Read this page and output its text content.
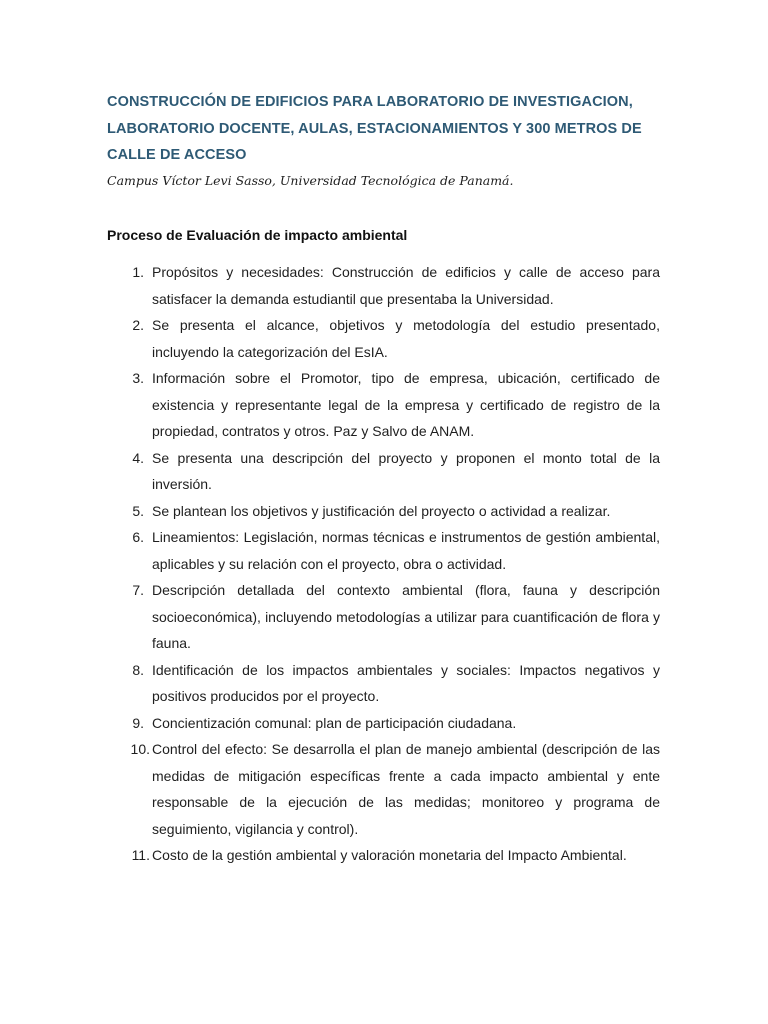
CONSTRUCCIÓN DE EDIFICIOS PARA LABORATORIO DE INVESTIGACION, LABORATORIO DOCENTE, AULAS, ESTACIONAMIENTOS Y 300 METROS DE CALLE DE ACCESO

Campus Víctor Levi Sasso, Universidad Tecnológica de Panamá.

Proceso de Evaluación de impacto ambiental
1. Propósitos y necesidades: Construcción de edificios y calle de acceso para satisfacer la demanda estudiantil que presentaba la Universidad.
2. Se presenta el alcance, objetivos y metodología del estudio presentado, incluyendo la categorización del EsIA.
3. Información sobre el Promotor, tipo de empresa, ubicación, certificado de existencia y representante legal de la empresa y certificado de registro de la propiedad, contratos y otros. Paz y Salvo de ANAM.
4. Se presenta una descripción del proyecto y proponen el monto total de la inversión.
5. Se plantean los objetivos y justificación del proyecto o actividad a realizar.
6. Lineamientos: Legislación, normas técnicas e instrumentos de gestión ambiental, aplicables y su relación con el proyecto, obra o actividad.
7. Descripción detallada del contexto ambiental (flora, fauna y descripción socioeconómica), incluyendo metodologías a utilizar para cuantificación de flora y fauna.
8. Identificación de los impactos ambientales y sociales: Impactos negativos y positivos producidos por el proyecto.
9. Concientización comunal: plan de participación ciudadana.
10. Control del efecto: Se desarrolla el plan de manejo ambiental (descripción de las medidas de mitigación específicas frente a cada impacto ambiental y ente responsable de la ejecución de las medidas; monitoreo y programa de seguimiento, vigilancia y control).
11. Costo de la gestión ambiental y valoración monetaria del Impacto Ambiental.
